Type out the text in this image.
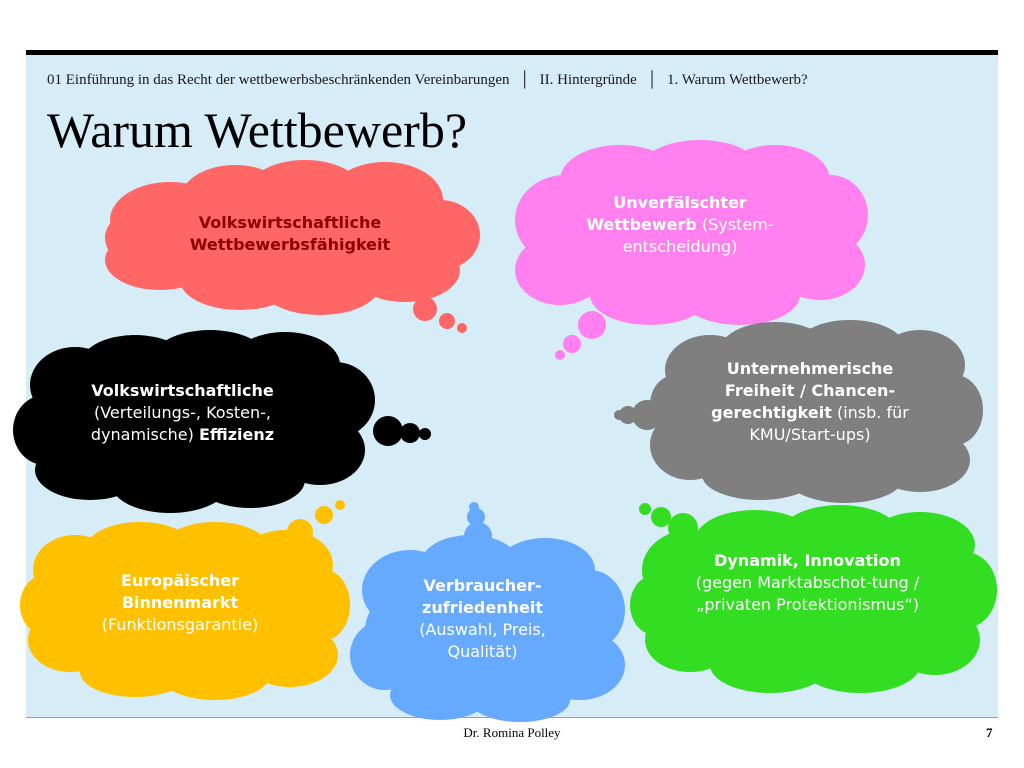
01 Einführung in das Recht der wettbewerbsbeschränkenden Vereinbarungen │ II. Hintergründe │ 1. Warum Wettbewerb?
Warum Wettbewerb?
Volkswirtschaftliche Wettbewerbsfähigkeit
Unverfälschter Wettbewerb (System-entscheidung)
Volkswirtschaftliche
(Verteilungs-, Kosten-, dynamische) Effizienz
Unternehmerische Freiheit / Chancen-gerechtigkeit (insb. für KMU/Start-ups)
Europäischer Binnenmarkt
(Funktionsgarantie)
Verbraucher-zufriedenheit (Auswahl, Preis, Qualität)
Dynamik, Innovation
(gegen Marktabschot-tung / „privaten Protektionismus“)
Dr. Romina Polley	7
